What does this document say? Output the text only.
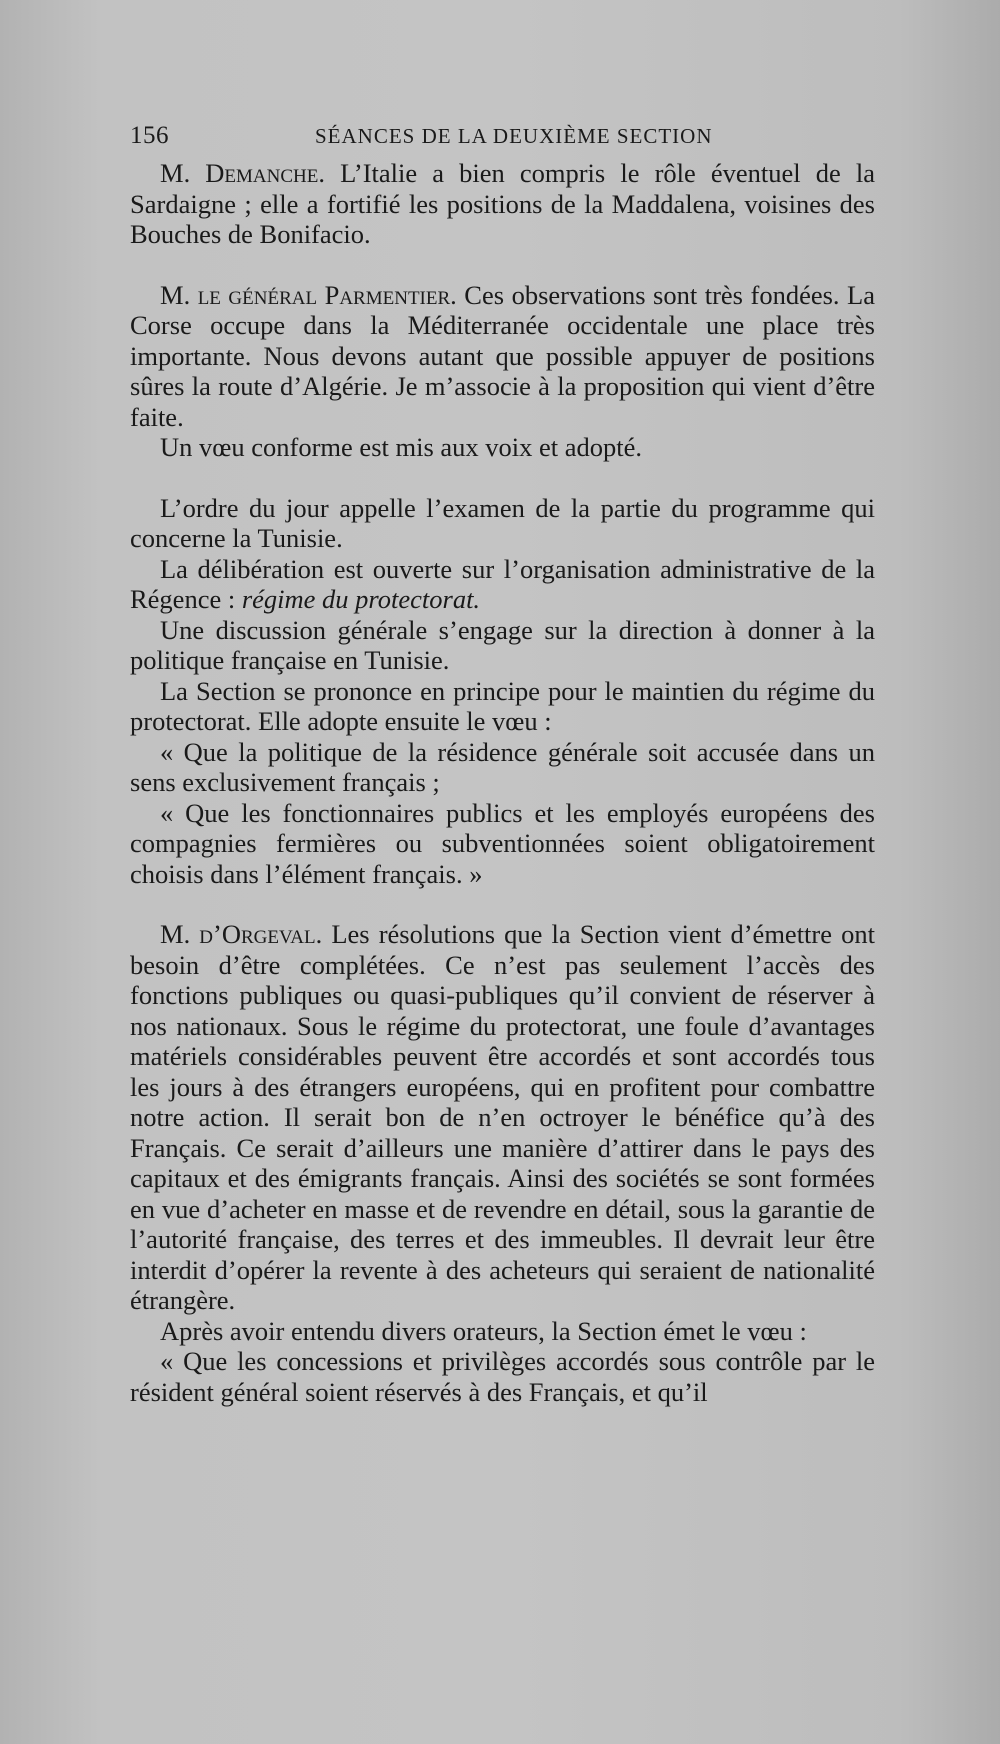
156	SÉANCES DE LA DEUXIÈME SECTION

M. Demanche. L’Italie a bien compris le rôle éventuel de la Sardaigne ; elle a fortifié les positions de la Maddalena, voisines des Bouches de Bonifacio.

M. le général Parmentier. Ces observations sont très fondées. La Corse occupe dans la Méditerranée occidentale une place très importante. Nous devons autant que possible appuyer de positions sûres la route d’Algérie. Je m’associe à la proposition qui vient d’être faite.

Un vœu conforme est mis aux voix et adopté.

L’ordre du jour appelle l’examen de la partie du programme qui concerne la Tunisie.

La délibération est ouverte sur l’organisation administrative de la Régence : régime du protectorat.

Une discussion générale s’engage sur la direction à donner à la politique française en Tunisie.

La Section se prononce en principe pour le maintien du régime du protectorat. Elle adopte ensuite le vœu :

« Que la politique de la résidence générale soit accusée dans un sens exclusivement français ;

« Que les fonctionnaires publics et les employés européens des compagnies fermières ou subventionnées soient obligatoirement choisis dans l’élément français. »

M. d’Orgeval. Les résolutions que la Section vient d’émettre ont besoin d’être complétées. Ce n’est pas seulement l’accès des fonctions publiques ou quasi-publiques qu’il convient de réserver à nos nationaux. Sous le régime du protectorat, une foule d’avantages matériels considérables peuvent être accordés et sont accordés tous les jours à des étrangers européens, qui en profitent pour combattre notre action. Il serait bon de n’en octroyer le bénéfice qu’à des Français. Ce serait d’ailleurs une manière d’attirer dans le pays des capitaux et des émigrants français. Ainsi des sociétés se sont formées en vue d’acheter en masse et de revendre en détail, sous la garantie de l’autorité française, des terres et des immeubles. Il devrait leur être interdit d’opérer la revente à des acheteurs qui seraient de nationalité étrangère.

Après avoir entendu divers orateurs, la Section émet le vœu :

« Que les concessions et privilèges accordés sous contrôle par le résident général soient réservés à des Français, et qu’il
